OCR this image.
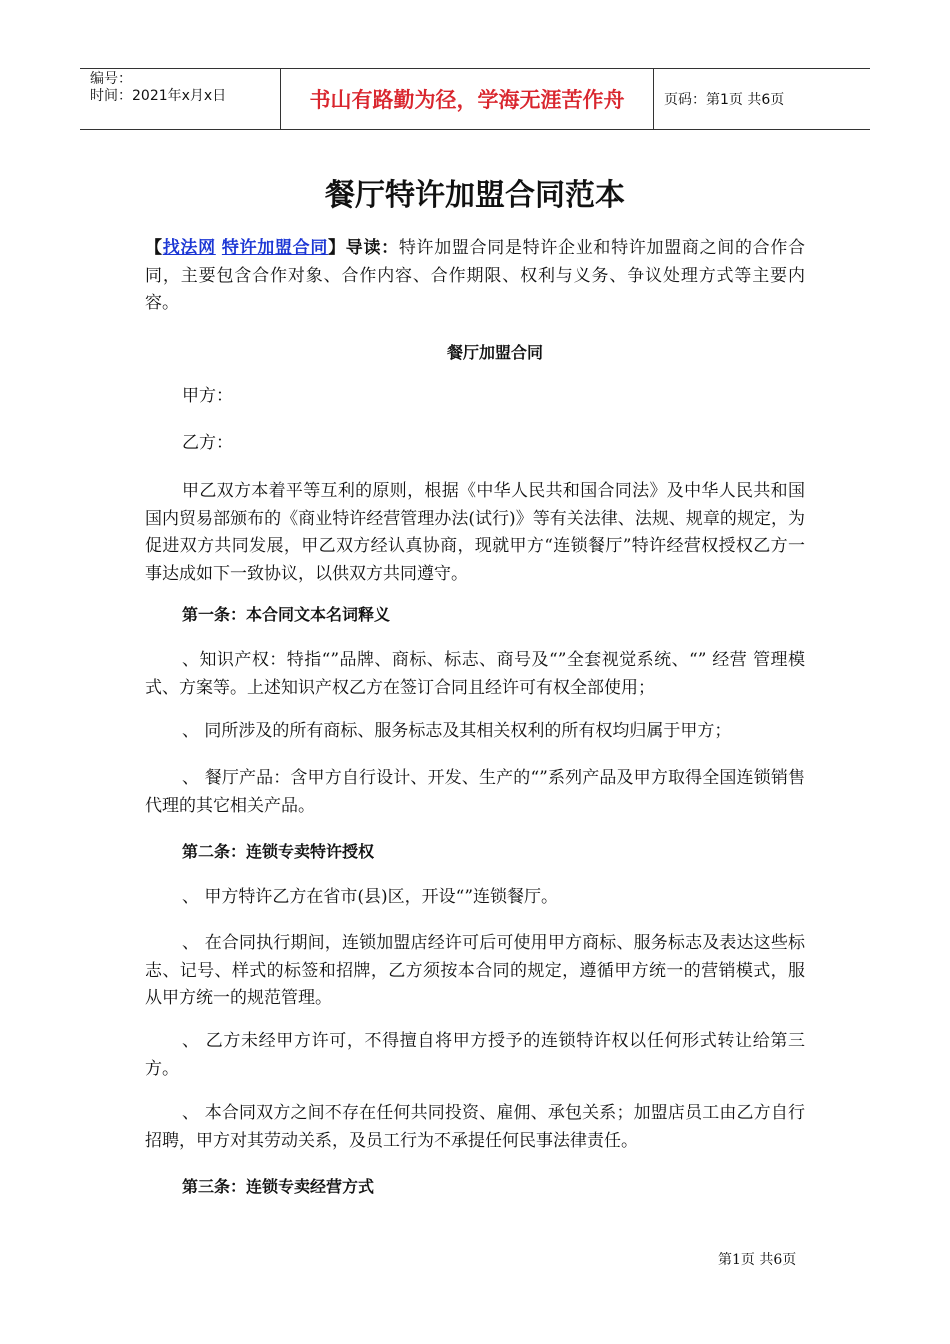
编号：
时间：2021年x月x日	书山有路勤为径，学海无涯苦作舟	页码：第1页 共6页
餐厅特许加盟合同范本
【找法网 特许加盟合同】导读：特许加盟合同是特许企业和特许加盟商之间的合作合同，主要包含合作对象、合作内容、合作期限、权利与义务、争议处理方式等主要内容。
餐厅加盟合同
甲方：
乙方：
甲乙双方本着平等互利的原则，根据《中华人民共和国合同法》及中华人民共和国国内贸易部颁布的《商业特许经营管理办法(试行)》等有关法律、法规、规章的规定，为促进双方共同发展，甲乙双方经认真协商，现就甲方“连锁餐厅”特许经营权授权乙方一事达成如下一致协议，以供双方共同遵守。
第一条：本合同文本名词释义
、知识产权：特指“”品牌、商标、标志、商号及“”全套视觉系统、“” 经营 管理模式、方案等。上述知识产权乙方在签订合同且经许可有权全部使用；
、 同所涉及的所有商标、服务标志及其相关权利的所有权均归属于甲方；
、 餐厅产品：含甲方自行设计、开发、生产的“”系列产品及甲方取得全国连锁销售代理的其它相关产品。
第二条：连锁专卖特许授权
、 甲方特许乙方在省市(县)区，开设“”连锁餐厅。
、 在合同执行期间，连锁加盟店经许可后可使用甲方商标、服务标志及表达这些标志、记号、样式的标签和招牌，乙方须按本合同的规定，遵循甲方统一的营销模式，服从甲方统一的规范管理。
、 乙方未经甲方许可，不得擅自将甲方授予的连锁特许权以任何形式转让给第三方。
、 本合同双方之间不存在任何共同投资、雇佣、承包关系；加盟店员工由乙方自行招聘，甲方对其劳动关系，及员工行为不承提任何民事法律责任。
第三条：连锁专卖经营方式
第1页 共6页
